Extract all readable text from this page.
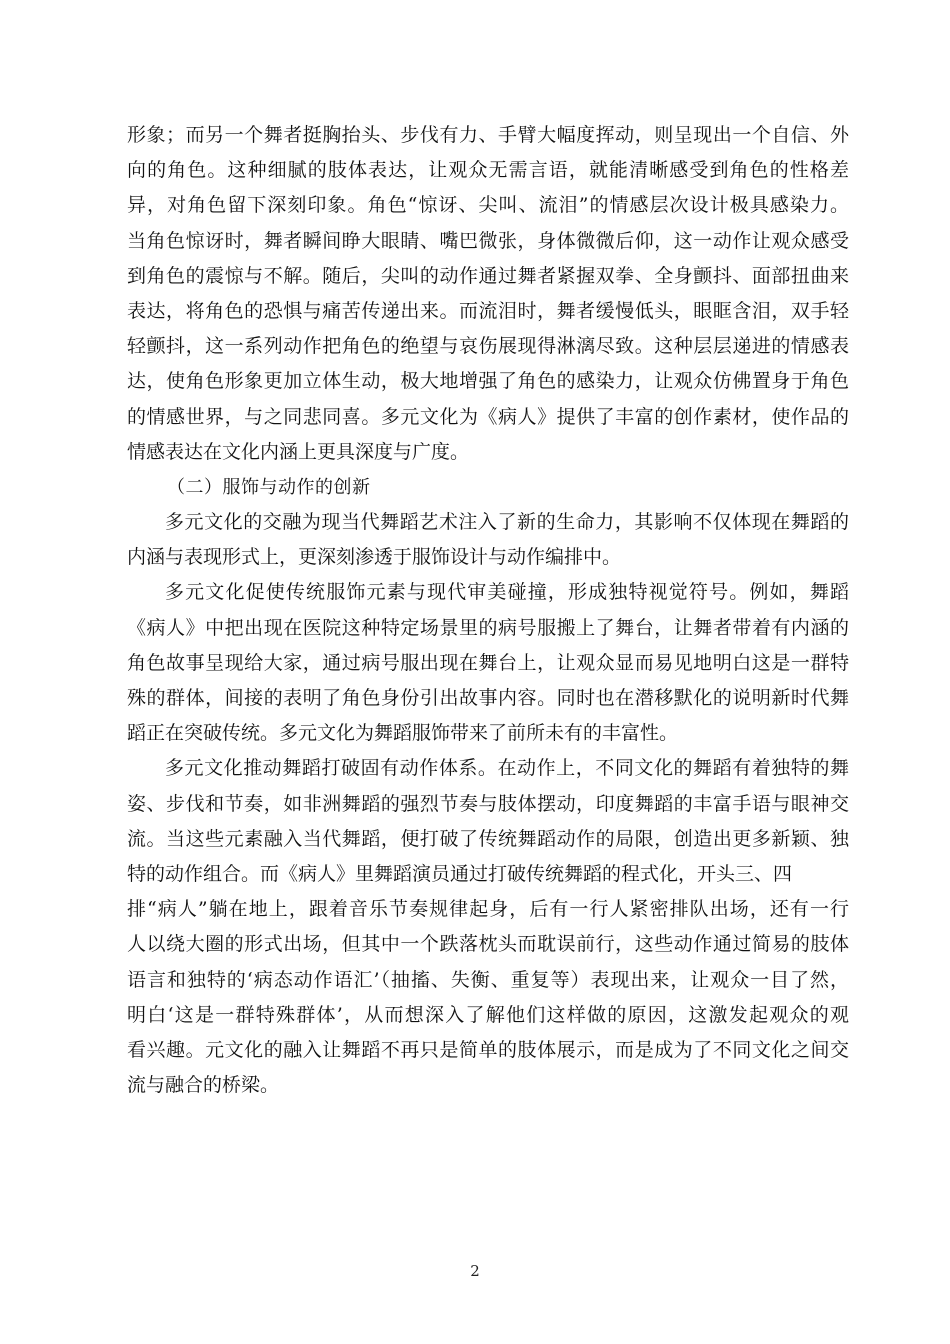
形象；而另一个舞者挺胸抬头、步伐有力、手臂大幅度挥动，则呈现出一个自信、外

向的角色。这种细腻的肢体表达，让观众无需言语，就能清晰感受到角色的性格差

异，对角色留下深刻印象。角色“惊讶、尖叫、流泪”的情感层次设计极具感染力。

当角色惊讶时，舞者瞬间睁大眼睛、嘴巴微张，身体微微后仰，这一动作让观众感受

到角色的震惊与不解。随后，尖叫的动作通过舞者紧握双拳、全身颤抖、面部扭曲来

表达，将角色的恐惧与痛苦传递出来。而流泪时，舞者缓慢低头，眼眶含泪，双手轻

轻颤抖，这一系列动作把角色的绝望与哀伤展现得淋漓尽致。这种层层递进的情感表

达，使角色形象更加立体生动，极大地增强了角色的感染力，让观众仿佛置身于角色

的情感世界，与之同悲同喜。多元文化为《病人》提供了丰富的创作素材，使作品的

情感表达在文化内涵上更具深度与广度。

（二）服饰与动作的创新

多元文化的交融为现当代舞蹈艺术注入了新的生命力，其影响不仅体现在舞蹈的

内涵与表现形式上，更深刻渗透于服饰设计与动作编排中。

多元文化促使传统服饰元素与现代审美碰撞，形成独特视觉符号。例如，舞蹈

《病人》中把出现在医院这种特定场景里的病号服搬上了舞台，让舞者带着有内涵的

角色故事呈现给大家，通过病号服出现在舞台上，让观众显而易见地明白这是一群特

殊的群体，间接的表明了角色身份引出故事内容。同时也在潜移默化的说明新时代舞

蹈正在突破传统。多元文化为舞蹈服饰带来了前所未有的丰富性。

多元文化推动舞蹈打破固有动作体系。在动作上，不同文化的舞蹈有着独特的舞

姿、步伐和节奏，如非洲舞蹈的强烈节奏与肢体摆动，印度舞蹈的丰富手语与眼神交

流。当这些元素融入当代舞蹈，便打破了传统舞蹈动作的局限，创造出更多新颖、独

特的动作组合。而《病人》里舞蹈演员通过打破传统舞蹈的程式化，开头三、四

排“病人”躺在地上，跟着音乐节奏规律起身，后有一行人紧密排队出场，还有一行

人以绕大圈的形式出场，但其中一个跌落枕头而耽误前行，这些动作通过简易的肢体

语言和独特的‘病态动作语汇’（抽搐、失衡、重复等）表现出来，让观众一目了然，

明白‘这是一群特殊群体’，从而想深入了解他们这样做的原因，这激发起观众的观

看兴趣。元文化的融入让舞蹈不再只是简单的肢体展示，而是成为了不同文化之间交

流与融合的桥梁。

2
